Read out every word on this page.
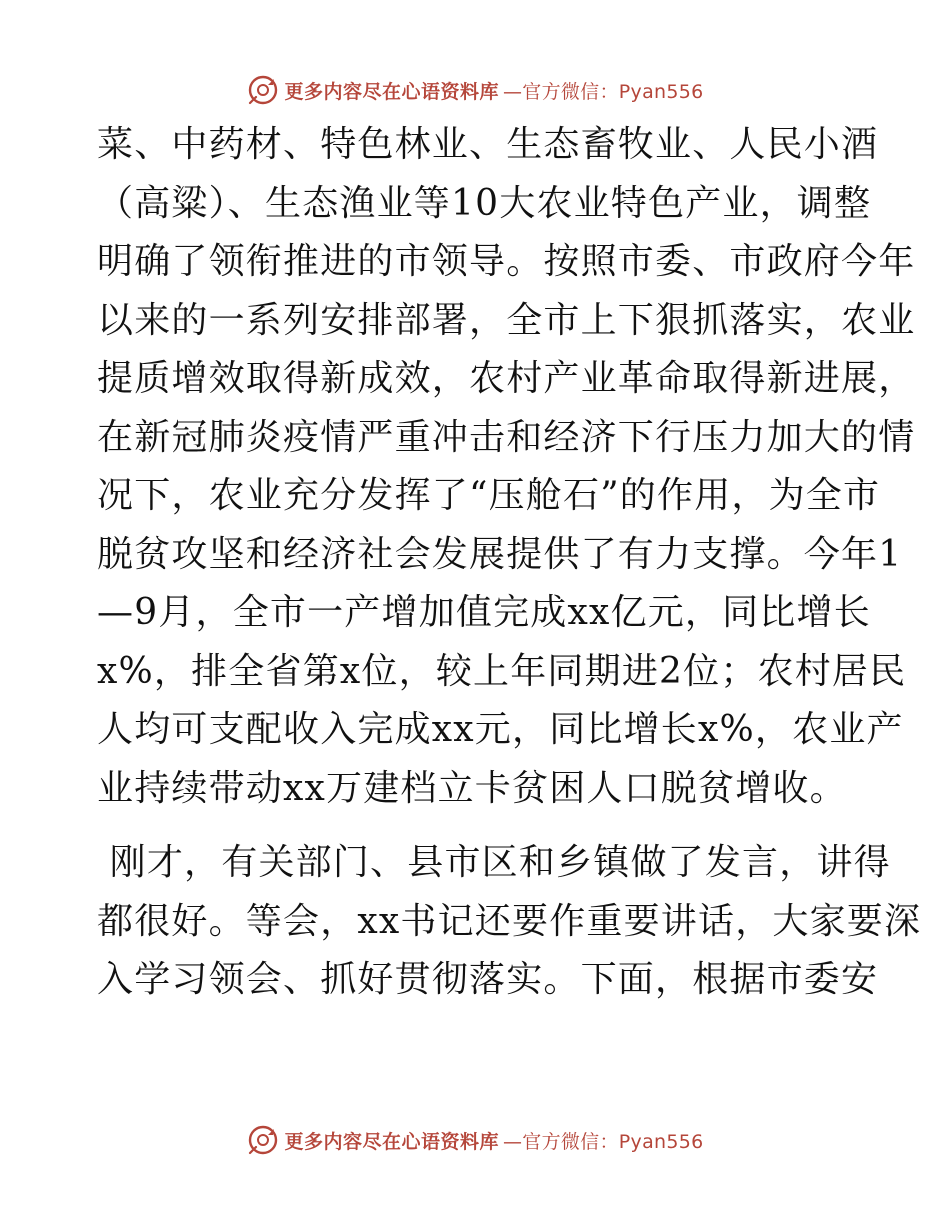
更多内容尽在心语资料库 —官方微信：Pyan556

菜、中药材、特色林业、生态畜牧业、人民小酒
（高粱）、生态渔业等10大农业特色产业，调整
明确了领衔推进的市领导。按照市委、市政府今年
以来的一系列安排部署，全市上下狠抓落实，农业
提质增效取得新成效，农村产业革命取得新进展，
在新冠肺炎疫情严重冲击和经济下行压力加大的情
况下，农业充分发挥了“压舱石”的作用，为全市
脱贫攻坚和经济社会发展提供了有力支撑。今年1
—9月，全市一产增加值完成xx亿元，同比增长
x%，排全省第x位，较上年同期进2位；农村居民
人均可支配收入完成xx元，同比增长x%，农业产
业持续带动xx万建档立卡贫困人口脱贫增收。

刚才，有关部门、县市区和乡镇做了发言，讲得
都很好。等会，xx书记还要作重要讲话，大家要深
入学习领会、抓好贯彻落实。下面，根据市委安

更多内容尽在心语资料库 —官方微信：Pyan556
